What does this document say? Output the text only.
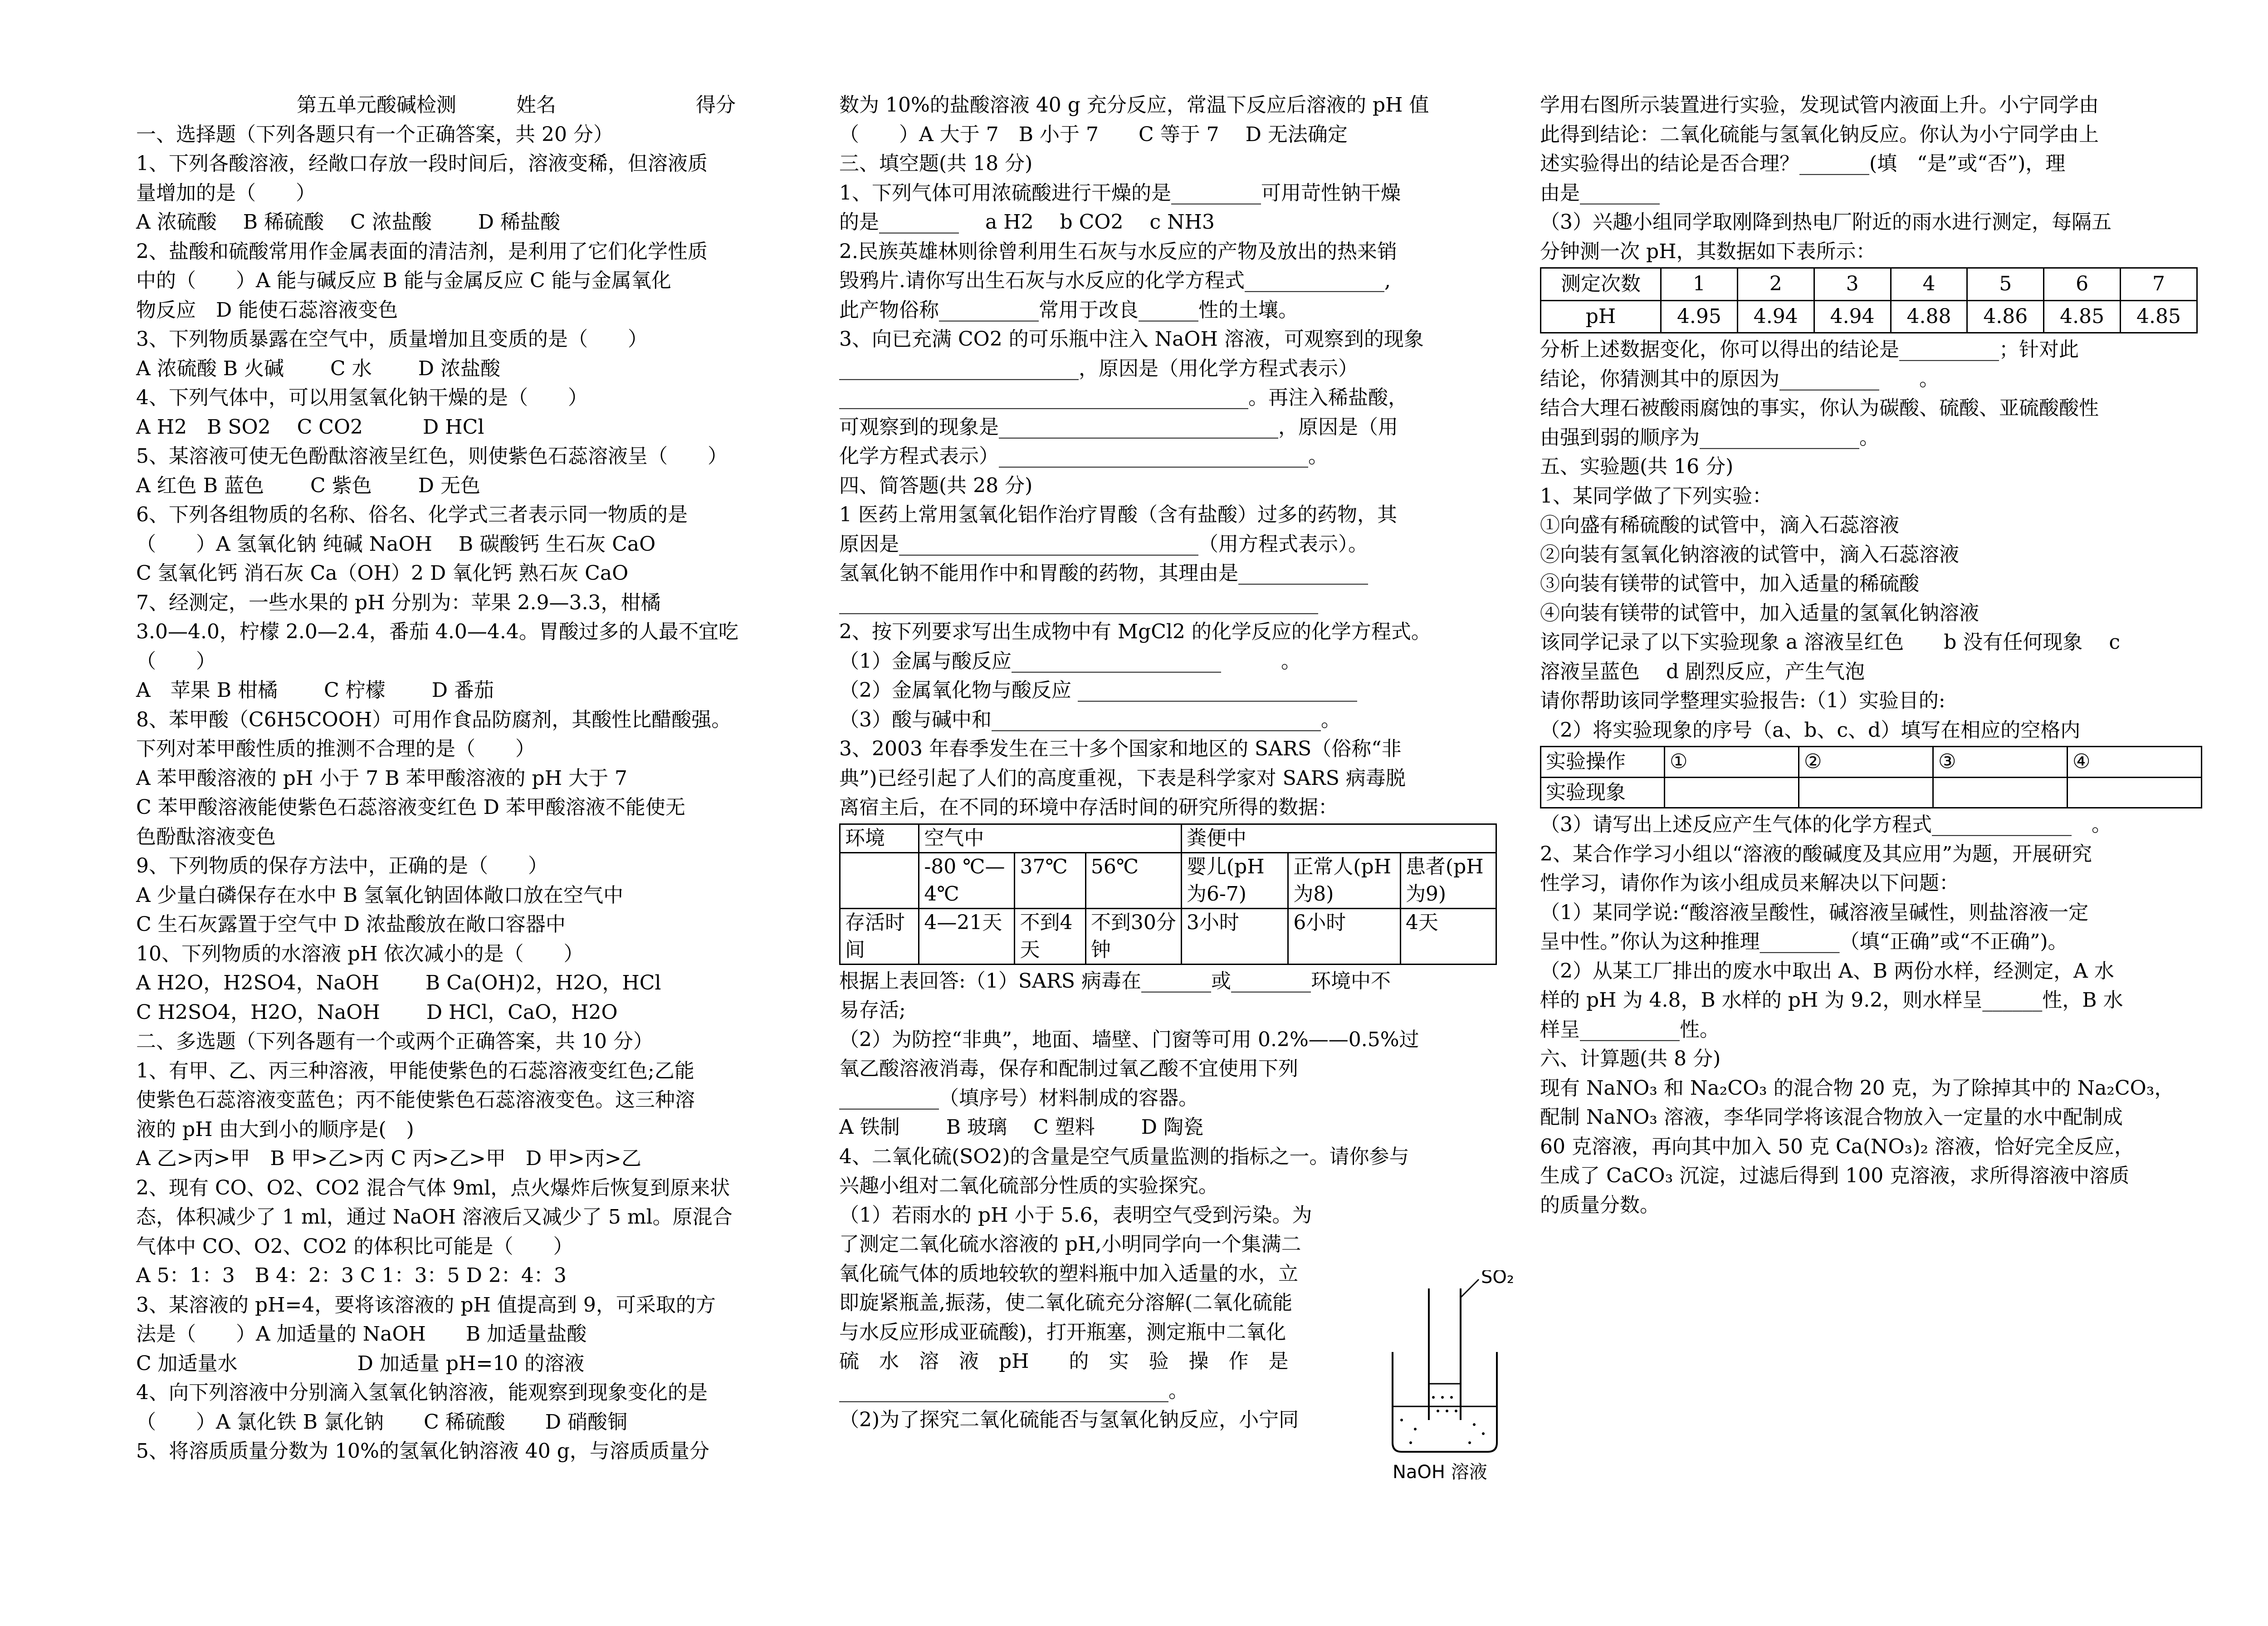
　　　　第五单元酸碱检测　　　姓名　　　　　　　得分

一、选择题（下列各题只有一个正确答案，共 20 分）

1、下列各酸溶液，经敞口存放一段时间后，溶液变稀，但溶液质

量增加的是（　　）

A 浓硫酸　 B 稀硫酸　 C 浓盐酸　　 D 稀盐酸

2、盐酸和硫酸常用作金属表面的清洁剂，是利用了它们化学性质

中的（　　）A 能与碱反应 B 能与金属反应 C 能与金属氧化

物反应　D 能使石蕊溶液变色

3、下列物质暴露在空气中，质量增加且变质的是（　　）

A 浓硫酸 B 火碱　　 C 水　　 D 浓盐酸

4、下列气体中，可以用氢氧化钠干燥的是（　　）

A H2　B SO2　 C CO2　　　D HCl

5、某溶液可使无色酚酞溶液呈红色，则使紫色石蕊溶液呈（　　）

A 红色 B 蓝色　　 C 紫色　　 D 无色

6、下列各组物质的名称、俗名、化学式三者表示同一物质的是

（　　）A 氢氧化钠 纯碱 NaOH　 B 碳酸钙 生石灰 CaO

C 氢氧化钙 消石灰 Ca（OH）2 D 氧化钙 熟石灰 CaO

7、经测定，一些水果的 pH 分别为：苹果 2.9—3.3，柑橘

3.0—4.0，柠檬 2.0—2.4，番茄 4.0—4.4。胃酸过多的人最不宜吃

（　　）

A　苹果 B 柑橘　　 C 柠檬　　 D 番茄

8、苯甲酸（C6H5COOH）可用作食品防腐剂，其酸性比醋酸强。

下列对苯甲酸性质的推测不合理的是（　　）

A 苯甲酸溶液的 pH 小于 7 B 苯甲酸溶液的 pH 大于 7

C 苯甲酸溶液能使紫色石蕊溶液变红色 D 苯甲酸溶液不能使无

色酚酞溶液变色

9、下列物质的保存方法中，正确的是（　　）

A 少量白磷保存在水中 B 氢氧化钠固体敞口放在空气中

C 生石灰露置于空气中 D 浓盐酸放在敞口容器中

10、下列物质的水溶液 pH 依次减小的是（　　）

A H2O，H2SO4，NaOH　　 B Ca(OH)2，H2O，HCl

C H2SO4，H2O，NaOH　　 D HCl，CaO，H2O

二、多选题（下列各题有一个或两个正确答案，共 10 分）

1、有甲、乙、丙三种溶液，甲能使紫色的石蕊溶液变红色;乙能

使紫色石蕊溶液变蓝色；丙不能使紫色石蕊溶液变色。这三种溶

液的 pH 由大到小的顺序是(　)

A 乙>丙>甲　B 甲>乙>丙 C 丙>乙>甲　D 甲>丙>乙

2、现有 CO、O2、CO2 混合气体 9ml，点火爆炸后恢复到原来状

态，体积减少了 1 ml，通过 NaOH 溶液后又减少了 5 ml。原混合

气体中 CO、O2、CO2 的体积比可能是（　　）

A 5：1：3　B 4：2：3 C 1：3：5 D 2：4：3

3、某溶液的 pH=4，要将该溶液的 pH 值提高到 9，可采取的方

法是（　　）A 加适量的 NaOH　　B 加适量盐酸

C 加适量水　　　　　　D 加适量 pH=10 的溶液

4、向下列溶液中分别滴入氢氧化钠溶液，能观察到现象变化的是

（　　）A 氯化铁 B 氯化钠　　C 稀硫酸　　D 硝酸铜

5、将溶质质量分数为 10%的氢氧化钠溶液 40 g，与溶质质量分

数为 10%的盐酸溶液 40 g 充分反应，常温下反应后溶液的 pH 值

（　　）A 大于 7　B 小于 7　　C 等于 7　 D 无法确定

三、填空题(共 18 分)

1、下列气体可用浓硫酸进行干燥的是_________可用苛性钠干燥

的是________　 a H2　 b CO2　 c NH3

2.民族英雄林则徐曾利用生石灰与水反应的产物及放出的热来销

毁鸦片.请你写出生石灰与水反应的化学方程式______________,

此产物俗称__________常用于改良______性的土壤。

3、向已充满 CO2 的可乐瓶中注入 NaOH 溶液，可观察到的现象

________________________，原因是（用化学方程式表示）

_________________________________________。再注入稀盐酸，

可观察到的现象是____________________________，原因是（用

化学方程式表示）_______________________________。

四、简答题(共 28 分)

1 医药上常用氢氧化铝作治疗胃酸（含有盐酸）过多的药物，其

原因是______________________________（用方程式表示）。

氢氧化钠不能用作中和胃酸的药物，其理由是_____________

________________________________________________

2、按下列要求写出生成物中有 MgCl2 的化学反应的化学方程式。

（1）金属与酸反应_____________________　　　。

（2）金属氧化物与酸反应 ____________________________

（3）酸与碱中和_________________________________。

3、2003 年春季发生在三十多个国家和地区的 SARS（俗称“非

典”)已经引起了人们的高度重视，下表是科学家对 SARS 病毒脱

离宿主后，在不同的环境中存活时间的研究所得的数据：

环境	空气中			粪便中		
	-80 ℃—4℃	37℃	56℃	婴儿(pH为6-7)	正常人(pH为8)	患者(pH为9)
存活时间	4—21天	不到4天	不到30分钟	3小时	6小时	4天

根据上表回答:（1）SARS 病毒在_______或________环境中不

易存活;

（2）为防控“非典”，地面、墙壁、门窗等可用 0.2%——0.5%过

氧乙酸溶液消毒，保存和配制过氧乙酸不宜使用下列

__________（填序号）材料制成的容器。

A 铁制　　 B 玻璃　 C 塑料　　 D 陶瓷

4、二氧化硫(SO2)的含量是空气质量监测的指标之一。请你参与

兴趣小组对二氧化硫部分性质的实验探究。

（1）若雨水的 pH 小于 5.6，表明空气受到污染。为

了测定二氧化硫水溶液的 pH,小明同学向一个集满二

氧化硫气体的质地较软的塑料瓶中加入适量的水，立

即旋紧瓶盖,振荡，使二氧化硫充分溶解(二氧化硫能

与水反应形成亚硫酸)，打开瓶塞，测定瓶中二氧化

硫　水　溶　液　pH　　的　实　验　操　作　是

_________________________________。

（2)为了探究二氧化硫能否与氢氧化钠反应，小宁同

SO₂
NaOH 溶液

学用右图所示装置进行实验，发现试管内液面上升。小宁同学由

此得到结论：二氧化硫能与氢氧化钠反应。你认为小宁同学由上

述实验得出的结论是否合理？_______(填　“是”或“否”)，理

由是________

（3）兴趣小组同学取刚降到热电厂附近的雨水进行测定，每隔五

分钟测一次 pH，其数据如下表所示：

测定次数	1	2	3	4	5	6	7
pH	4.95	4.94	4.94	4.88	4.86	4.85	4.85

分析上述数据变化，你可以得出的结论是__________；针对此

结论，你猜测其中的原因为__________　　。

结合大理石被酸雨腐蚀的事实，你认为碳酸、硫酸、亚硫酸酸性

由强到弱的顺序为________________。

五、实验题(共 16 分)

1、某同学做了下列实验：

①向盛有稀硫酸的试管中，滴入石蕊溶液

②向装有氢氧化钠溶液的试管中，滴入石蕊溶液

③向装有镁带的试管中，加入适量的稀硫酸

④向装有镁带的试管中，加入适量的氢氧化钠溶液

该同学记录了以下实验现象 a 溶液呈红色　　b 没有任何现象　 c

溶液呈蓝色　 d 剧烈反应，产生气泡

请你帮助该同学整理实验报告:（1）实验目的:

（2）将实验现象的序号（a、b、c、d）填写在相应的空格内

实验操作	①	②	③	④
实验现象				

（3）请写出上述反应产生气体的化学方程式______________　。

2、某合作学习小组以“溶液的酸碱度及其应用”为题，开展研究

性学习，请你作为该小组成员来解决以下问题：

（1）某同学说:“酸溶液呈酸性，碱溶液呈碱性，则盐溶液一定

呈中性。”你认为这种推理________（填“正确”或“不正确”)。

（2）从某工厂排出的废水中取出 A、B 两份水样，经测定，A 水

样的 pH 为 4.8，B 水样的 pH 为 9.2，则水样呈______性，B 水

样呈__________性。

六、计算题(共 8 分)

现有 NaNO₃ 和 Na₂CO₃ 的混合物 20 克，为了除掉其中的 Na₂CO₃，

配制 NaNO₃ 溶液，李华同学将该混合物放入一定量的水中配制成

60 克溶液，再向其中加入 50 克 Ca(NO₃)₂ 溶液，恰好完全反应，

生成了 CaCO₃ 沉淀，过滤后得到 100 克溶液，求所得溶液中溶质

的质量分数。
